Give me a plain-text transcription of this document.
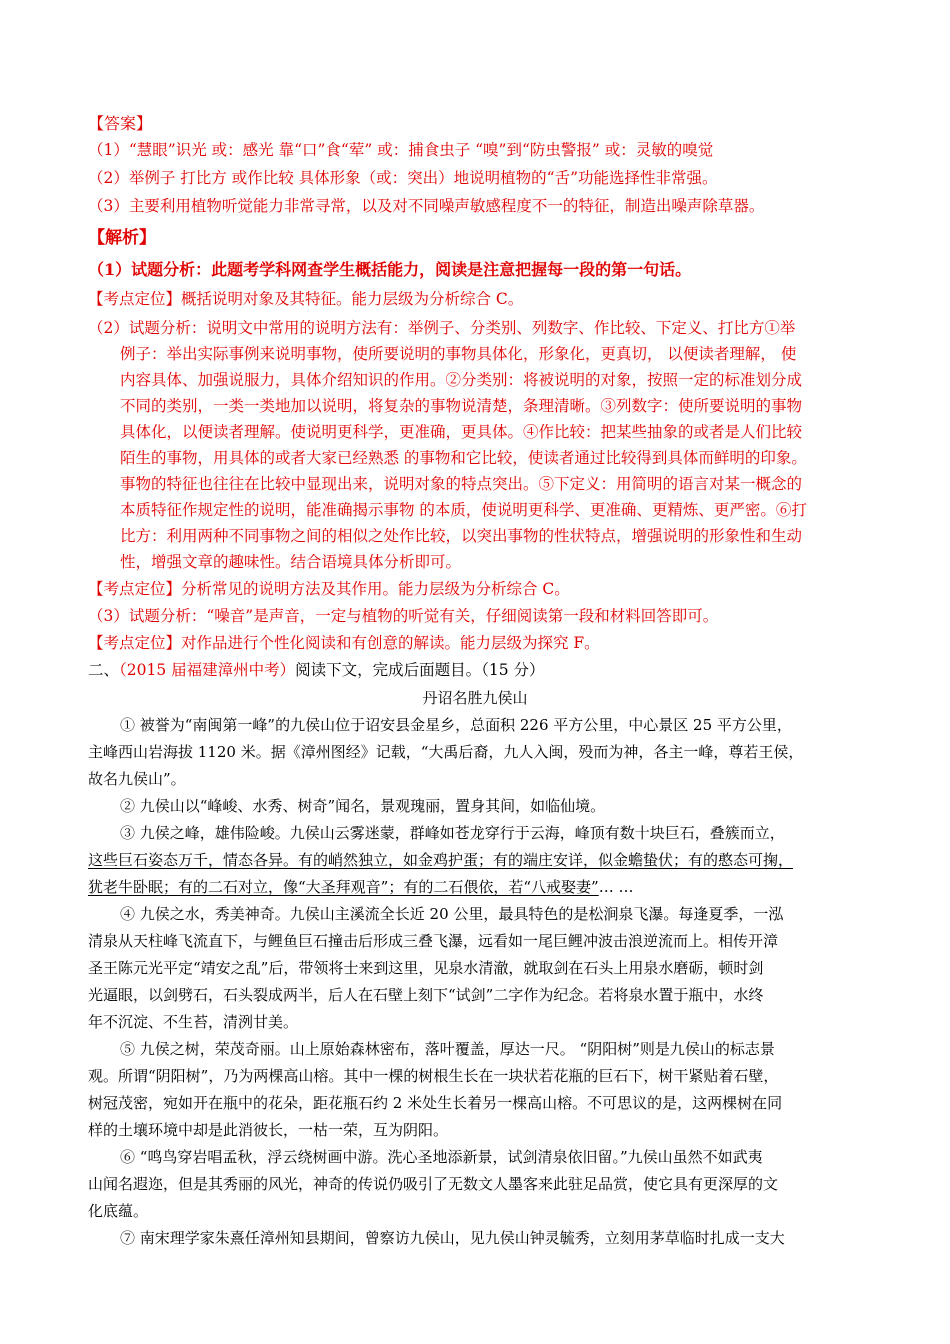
【答案】
（1）“慧眼”识光 或：感光 靠“口”食“荤” 或：捕食虫子 “嗅”到“防虫警报” 或：灵敏的嗅觉
（2）举例子 打比方 或作比较 具体形象（或：突出）地说明植物的“舌”功能选择性非常强。
（3）主要利用植物听觉能力非常寻常，以及对不同噪声敏感程度不一的特征，制造出噪声除草器。
【解析】
（1）试题分析：此题考学科网查学生概括能力，阅读是注意把握每一段的第一句话。
【考点定位】概括说明对象及其特征。能力层级为分析综合 C。
（2）试题分析：说明文中常用的说明方法有：举例子、分类别、列数字、作比较、下定义、打比方①举
例子：举出实际事例来说明事物，使所要说明的事物具体化，形象化，更真切， 以便读者理解， 使
内容具体、加强说服力，具体介绍知识的作用。②分类别：将被说明的对象，按照一定的标准划分成
不同的类别，一类一类地加以说明，将复杂的事物说清楚，条理清晰。③列数字：使所要说明的事物
具体化，以便读者理解。使说明更科学，更准确，更具体。④作比较：把某些抽象的或者是人们比较
陌生的事物，用具体的或者大家已经熟悉 的事物和它比较，使读者通过比较得到具体而鲜明的印象。
事物的特征也往往在比较中显现出来，说明对象的特点突出。⑤下定义：用简明的语言对某一概念的
本质特征作规定性的说明，能准确揭示事物 的本质，使说明更科学、更准确、更精炼、更严密。⑥打
比方：利用两种不同事物之间的相似之处作比较，以突出事物的性状特点，增强说明的形象性和生动
性，增强文章的趣味性。结合语境具体分析即可。
【考点定位】分析常见的说明方法及其作用。能力层级为分析综合 C。
（3）试题分析：“噪音”是声音，一定与植物的听觉有关，仔细阅读第一段和材料回答即可。
【考点定位】对作品进行个性化阅读和有创意的解读。能力层级为探究 F。
二、（2015 届福建漳州中考）阅读下文，完成后面题目。（15 分）
丹诏名胜九侯山
① 被誉为“南闽第一峰”的九侯山位于诏安县金星乡，总面积 226 平方公里，中心景区 25 平方公里，
主峰西山岩海拔 1120 米。据《漳州图经》记载，“大禹后裔，九人入闽，殁而为神，各主一峰，尊若王侯，
故名九侯山”。
② 九侯山以“峰峻、水秀、树奇”闻名，景观瑰丽，置身其间，如临仙境。
③ 九侯之峰，雄伟险峻。九侯山云雾迷蒙，群峰如苍龙穿行于云海，峰顶有数十块巨石，叠簇而立，
这些巨石姿态万千，情态各异。有的峭然独立，如金鸡护蛋；有的端庄安详，似金蟾蛰伏；有的憨态可掬，
犹老牛卧眠；有的二石对立，像“大圣拜观音”；有的二石偎依，若“八戒娶妻”… …
④ 九侯之水，秀美神奇。九侯山主溪流全长近 20 公里，最具特色的是松涧泉飞瀑。每逢夏季，一泓
清泉从天柱峰飞流直下，与鲤鱼巨石撞击后形成三叠飞瀑，远看如一尾巨鲤冲波击浪逆流而上。相传开漳
圣王陈元光平定“靖安之乱”后，带领将士来到这里，见泉水清澈，就取剑在石头上用泉水磨砺，顿时剑
光逼眼，以剑劈石，石头裂成两半，后人在石壁上刻下“试剑”二字作为纪念。若将泉水置于瓶中，水终
年不沉淀、不生苔，清洌甘美。
⑤ 九侯之树，荣茂奇丽。山上原始森林密布，落叶覆盖，厚达一尺。 “阴阳树”则是九侯山的标志景
观。所谓“阴阳树”，乃为两棵高山榕。其中一棵的树根生长在一块状若花瓶的巨石下，树干紧贴着石壁，
树冠茂密，宛如开在瓶中的花朵，距花瓶石约 2 米处生长着另一棵高山榕。不可思议的是，这两棵树在同
样的土壤环境中却是此消彼长，一枯一荣，互为阴阳。
⑥ “鸣鸟穿岩唱孟秋，浮云绕树画中游。洗心圣地添新景，试剑清泉依旧留。”九侯山虽然不如武夷
山闻名遐迩，但是其秀丽的风光，神奇的传说仍吸引了无数文人墨客来此驻足品赏，使它具有更深厚的文
化底蕴。
⑦ 南宋理学家朱熹任漳州知县期间，曾察访九侯山，见九侯山钟灵毓秀，立刻用茅草临时扎成一支大
